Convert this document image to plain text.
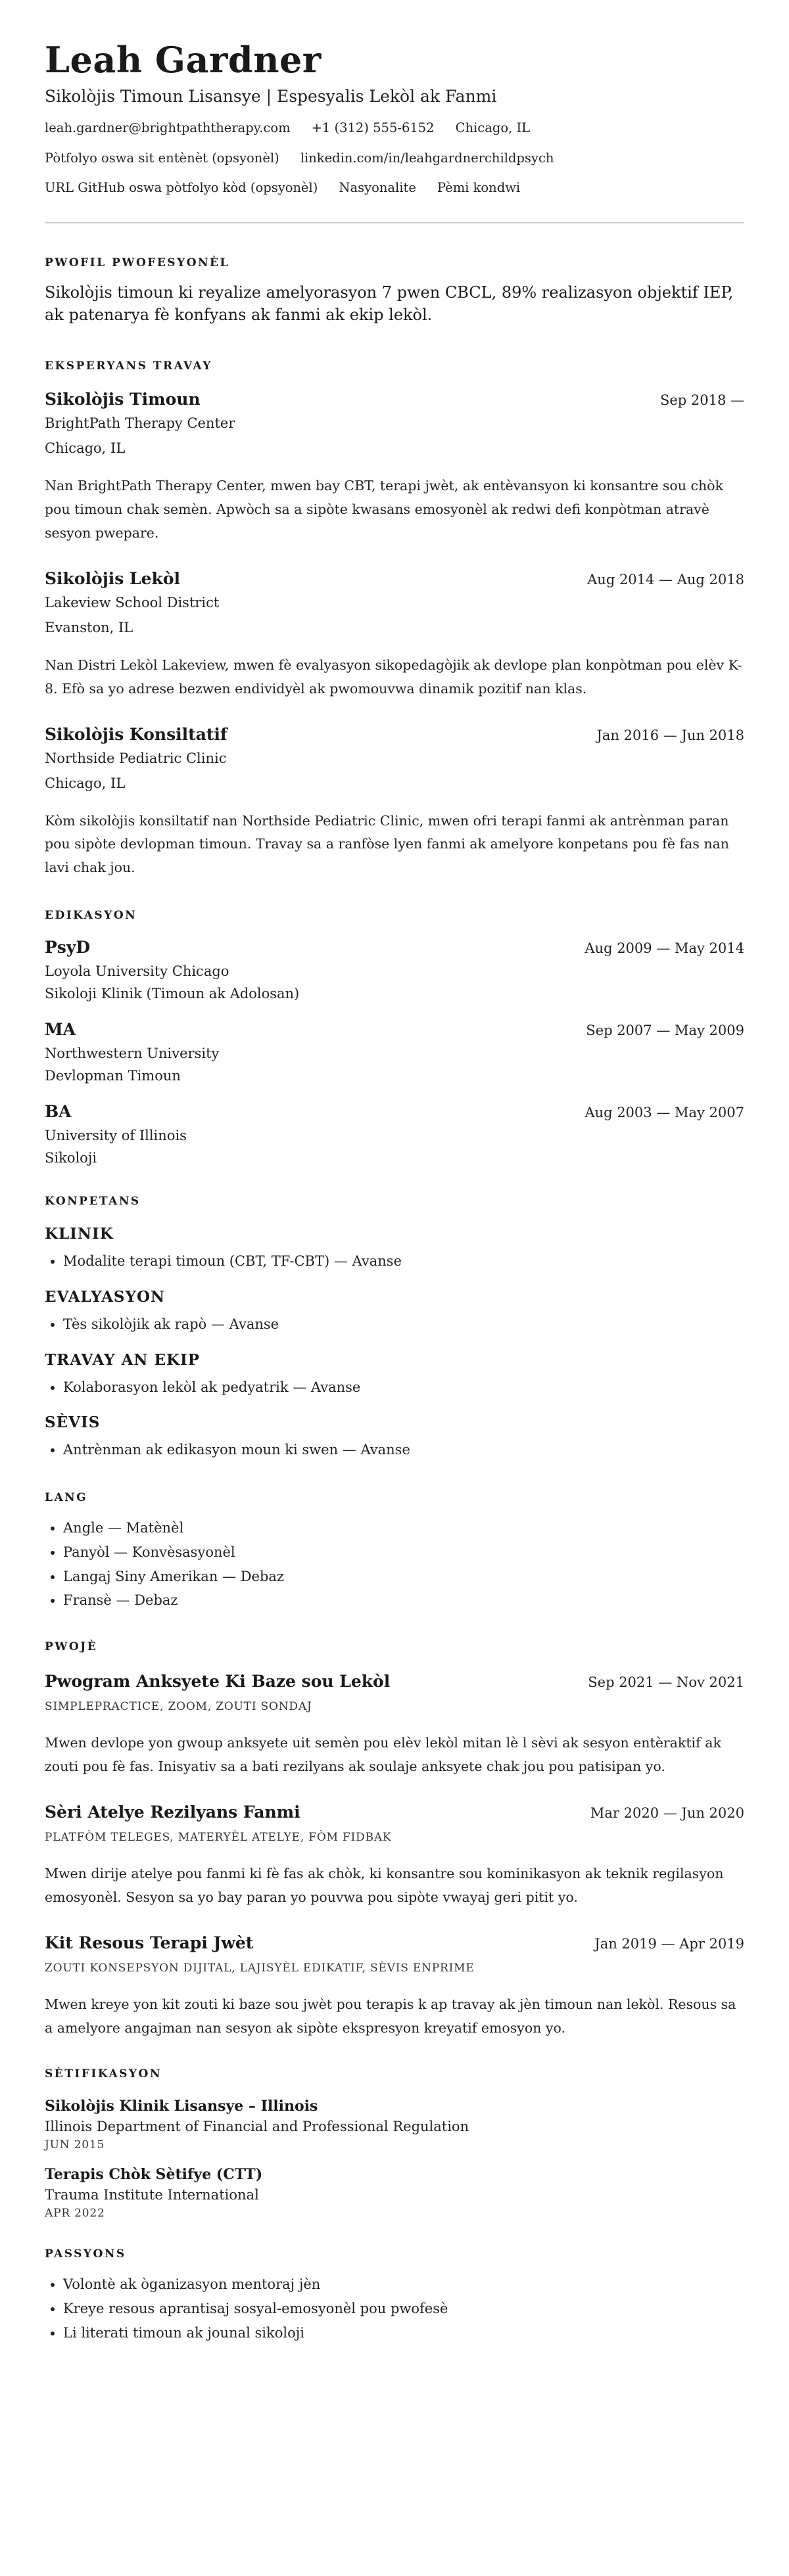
Leah Gardner
Sikolòjis Timoun Lisansye | Espesyalis Lekòl ak Fanmi
leah.gardner@brightpaththerapy.com +1 (312) 555-6152 Chicago, IL
Pòtfolyo oswa sit entènèt (opsyonèl) linkedin.com/in/leahgardnerchildpsych
URL GitHub oswa pòtfolyo kòd (opsyonèl) Nasyonalite Pèmi kondwi
PWOFIL PWOFESYONÈL
Sikolòjis timoun ki reyalize amelyorasyon 7 pwen CBCL, 89% realizasyon objektif IEP, ak patenarya fè konfyans ak fanmi ak ekip lekòl.
EKSPERYANS TRAVAY
Sikolòjis Timoun	Sep 2018 —
BrightPath Therapy Center
Chicago, IL
Nan BrightPath Therapy Center, mwen bay CBT, terapi jwèt, ak entèvansyon ki konsantre sou chòk pou timoun chak semèn. Apwòch sa a sipòte kwasans emosyonèl ak redwi defi konpòtman atravè sesyon pwepare.
Sikolòjis Lekòl	Aug 2014 — Aug 2018
Lakeview School District
Evanston, IL
Nan Distri Lekòl Lakeview, mwen fè evalyasyon sikopedagòjik ak devlope plan konpòtman pou elèv K-8. Efò sa yo adrese bezwen endividyèl ak pwomouvwa dinamik pozitif nan klas.
Sikolòjis Konsiltatif	Jan 2016 — Jun 2018
Northside Pediatric Clinic
Chicago, IL
Kòm sikolòjis konsiltatif nan Northside Pediatric Clinic, mwen ofri terapi fanmi ak antrènman paran pou sipòte devlopman timoun. Travay sa a ranfòse lyen fanmi ak amelyore konpetans pou fè fas nan lavi chak jou.
EDIKASYON
PsyD	Aug 2009 — May 2014
Loyola University Chicago
Sikoloji Klinik (Timoun ak Adolosan)
MA	Sep 2007 — May 2009
Northwestern University
Devlopman Timoun
BA	Aug 2003 — May 2007
University of Illinois
Sikoloji
KONPETANS
KLINIK
• Modalite terapi timoun (CBT, TF-CBT) — Avanse
EVALYASYON
• Tès sikolòjik ak rapò — Avanse
TRAVAY AN EKIP
• Kolaborasyon lekòl ak pedyatrik — Avanse
SÈVIS
• Antrènman ak edikasyon moun ki swen — Avanse
LANG
• Angle — Matènèl
• Panyòl — Konvèsasyonèl
• Langaj Siny Amerikan — Debaz
• Fransè — Debaz
PWOJÈ
Pwogram Anksyete Ki Baze sou Lekòl	Sep 2021 — Nov 2021
SIMPLEPRACTICE, ZOOM, ZOUTI SONDAJ
Mwen devlope yon gwoup anksyete uit semèn pou elèv lekòl mitan lè l sèvi ak sesyon entèraktif ak zouti pou fè fas. Inisyativ sa a bati rezilyans ak soulaje anksyete chak jou pou patisipan yo.
Sèri Atelye Rezilyans Fanmi	Mar 2020 — Jun 2020
PLATFÒM TELEGES, MATERYÈL ATELYE, FÒM FIDBAK
Mwen dirije atelye pou fanmi ki fè fas ak chòk, ki konsantre sou kominikasyon ak teknik regilasyon emosyonèl. Sesyon sa yo bay paran yo pouvwa pou sipòte vwayaj geri pitit yo.
Kit Resous Terapi Jwèt	Jan 2019 — Apr 2019
ZOUTI KONSEPSYON DIJITAL, LAJISYÈL EDIKATIF, SÈVIS ENPRIME
Mwen kreye yon kit zouti ki baze sou jwèt pou terapis k ap travay ak jèn timoun nan lekòl. Resous sa a amelyore angajman nan sesyon ak sipòte ekspresyon kreyatif emosyon yo.
SÈTIFIKASYON
Sikolòjis Klinik Lisansye – Illinois
Illinois Department of Financial and Professional Regulation
JUN 2015
Terapis Chòk Sètifye (CTT)
Trauma Institute International
APR 2022
PASSYONS
• Volontè ak òganizasyon mentoraj jèn
• Kreye resous aprantisaj sosyal-emosyonèl pou pwofesè
• Li literati timoun ak jounal sikoloji
